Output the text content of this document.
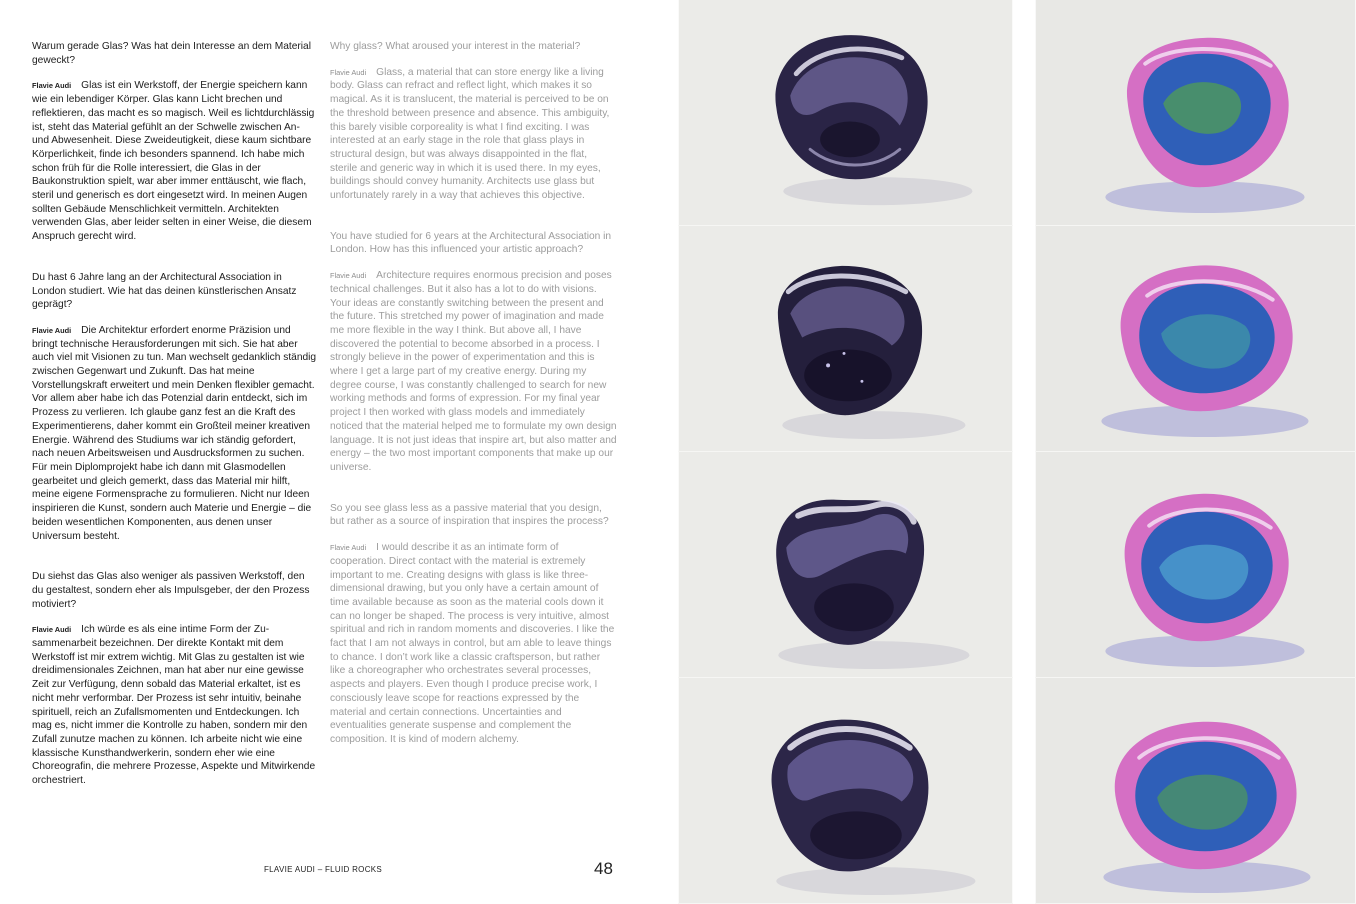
Warum gerade Glas? Was hat dein Interesse an dem Material geweckt?

Flavie Audi Glas ist ein Werkstoff, der Energie speichern kann wie ein lebendiger Körper. Glas kann Licht brechen und reflektieren, das macht es so magisch. Weil es lichtdurchlässig ist, steht das Material gefühlt an der Schwelle zwischen An- und Abwesenheit. Diese Zweideutigkeit, diese kaum sichtbare Körperlichkeit, finde ich besonders spannend. Ich habe mich schon früh für die Rolle interessiert, die Glas in der Baukonstruktion spielt, war aber immer enttäuscht, wie flach, steril und generisch es dort eingesetzt wird. In meinen Augen sollten Gebäude Menschlichkeit vermitteln. Architekten verwenden Glas, aber leider selten in einer Weise, die diesem Anspruch gerecht wird.

Du hast 6 Jahre lang an der Architectural Association in London studiert. Wie hat das deinen künstlerischen Ansatz geprägt?

Flavie Audi Die Architektur erfordert enorme Präzision und bringt technische Herausforderungen mit sich. Sie hat aber auch viel mit Visionen zu tun. Man wechselt gedanklich ständig zwischen Gegenwart und Zukunft. Das hat meine Vorstellungskraft erweitert und mein Denken flexibler gemacht. Vor allem aber habe ich das Potenzial darin entdeckt, sich im Prozess zu verlieren. Ich glaube ganz fest an die Kraft des Experimentierens, daher kommt ein Großteil meiner kreativen Energie. Während des Studiums war ich ständig gefordert, nach neuen Arbeitsweisen und Ausdrucksformen zu suchen. Für mein Diplomprojekt habe ich dann mit Glasmodellen gearbeitet und gleich gemerkt, dass das Material mir hilft, meine eigene Formensprache zu formulieren. Nicht nur Ideen inspirieren die Kunst, sondern auch Materie und Energie – die beiden wesentlichen Komponenten, aus denen unser Universum besteht.

Du siehst das Glas also weniger als passiven Werkstoff, den du gestaltest, sondern eher als Impulsgeber, der den Prozess motiviert?

Flavie Audi Ich würde es als eine intime Form der Zusammenarbeit bezeichnen. Der direkte Kontakt mit dem Werkstoff ist mir extrem wichtig. Mit Glas zu gestalten ist wie dreidimensionales Zeichnen, man hat aber nur eine gewisse Zeit zur Verfügung, denn sobald das Material erkaltet, ist es nicht mehr verformbar. Der Prozess ist sehr intuitiv, beinahe spirituell, reich an Zufallsmomenten und Entdeckungen. Ich mag es, nicht immer die Kontrolle zu haben, sondern mir den Zufall zunutze machen zu können. Ich arbeite nicht wie eine klassische Kunsthandwerkerin, sondern eher wie eine Choreografin, die mehrere Prozesse, Aspekte und Mitwirkende orchestriert.

Why glass? What aroused your interest in the material?

Flavie Audi Glass, a material that can store energy like a living body. Glass can refract and reflect light, which makes it so magical. As it is translucent, the material is perceived to be on the threshold between presence and absence. This ambiguity, this barely visible corporeality is what I find exciting. I was interested at an early stage in the role that glass plays in structural design, but was always disappointed in the flat, sterile and generic way in which it is used there. In my eyes, buildings should convey humanity. Architects use glass but unfortunately rarely in a way that achieves this objective.

You have studied for 6 years at the Architectural Association in London. How has this influenced your artistic approach?

Flavie Audi Architecture requires enormous precision and poses technical challenges. But it also has a lot to do with visions. Your ideas are constantly switching between the present and the future. This stretched my power of imagination and made me more flexible in the way I think. But above all, I have discovered the potential to become absorbed in a process. I strongly believe in the power of experimentation and this is where I get a large part of my creative energy. During my degree course, I was constantly challenged to search for new working methods and forms of expression. For my final year project I then worked with glass models and immediately noticed that the material helped me to formulate my own design language. It is not just ideas that inspire art, but also matter and energy – the two most important components that make up our universe.

So you see glass less as a passive material that you design, but rather as a source of inspiration that inspires the process?

Flavie Audi I would describe it as an intimate form of cooperation. Direct contact with the material is extremely important to me. Creating designs with glass is like three-dimensional drawing, but you only have a certain amount of time available because as soon as the material cools down it can no longer be shaped. The process is very intuitive, almost spiritual and rich in random moments and discoveries. I like the fact that I am not always in control, but am able to leave things to chance. I don’t work like a classic craftsperson, but rather like a choreographer who orchestrates several processes, aspects and players. Even though I produce precise work, I consciously leave scope for reactions expressed by the material and certain connections. Uncertainties and eventualities generate suspense and complement the composition. It is kind of modern alchemy.

FLAVIE AUDI – FLUID ROCKS	48
